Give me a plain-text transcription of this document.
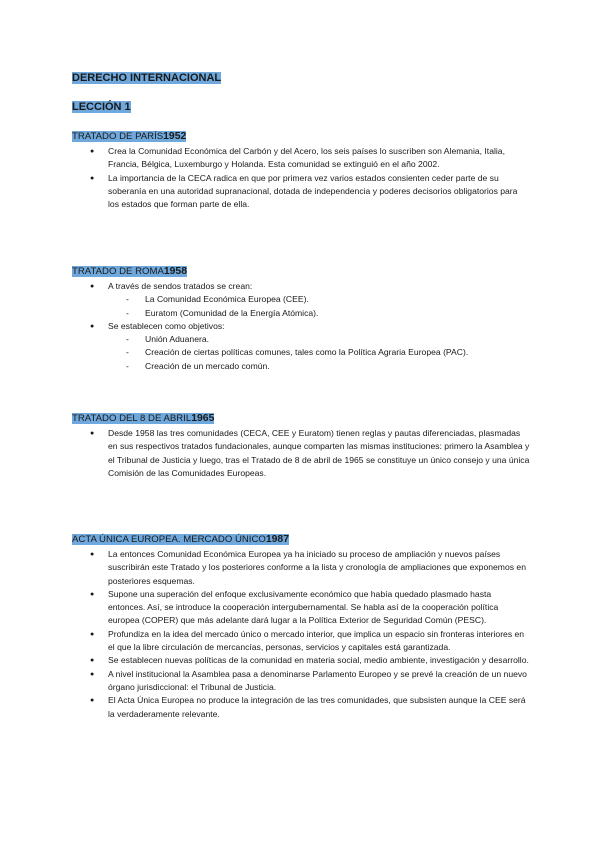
DERECHO INTERNACIONAL
LECCIÓN 1
TRATADO DE PARÍS1952
● Crea la Comunidad Económica del Carbón y del Acero, los seis países lo suscriben son Alemania, Italia, Francia, Bélgica, Luxemburgo y Holanda. Esta comunidad se extinguió en el año 2002.
● La importancia de la CECA radica en que por primera vez varios estados consienten ceder parte de su soberanía en una autoridad supranacional, dotada de independencia y poderes decisorios obligatorios para los estados que forman parte de ella.
TRATADO DE ROMA1958
● A través de sendos tratados se crean:
- La Comunidad Económica Europea (CEE).
- Euratom (Comunidad de la Energía Atómica).
● Se establecen como objetivos:
- Unión Aduanera.
- Creación de ciertas políticas comunes, tales como la Política Agraria Europea (PAC).
- Creación de un mercado común.
TRATADO DEL 8 DE ABRIL1965
● Desde 1958 las tres comunidades (CECA, CEE y Euratom) tienen reglas y pautas diferenciadas, plasmadas en sus respectivos tratados fundacionales, aunque comparten las mismas instituciones: primero la Asamblea y el Tribunal de Justicia y luego, tras el Tratado de 8 de abril de 1965 se constituye un único consejo y una única Comisión de las Comunidades Europeas.
ACTA ÚNICA EUROPEA. MERCADO ÚNICO1987
● La entonces Comunidad Económica Europea ya ha iniciado su proceso de ampliación y nuevos países suscribirán este Tratado y los posteriores conforme a la lista y cronología de ampliaciones que exponemos en posteriores esquemas.
● Supone una superación del enfoque exclusivamente económico que había quedado plasmado hasta entonces. Así, se introduce la cooperación intergubernamental. Se habla así de la cooperación política europea (COPER) que más adelante dará lugar a la Política Exterior de Seguridad Común (PESC).
● Profundiza en la idea del mercado único o mercado interior, que implica un espacio sin fronteras interiores en el que la libre circulación de mercancías, personas, servicios y capitales está garantizada.
● Se establecen nuevas políticas de la comunidad en materia social, medio ambiente, investigación y desarrollo.
● A nivel institucional la Asamblea pasa a denominarse Parlamento Europeo y se prevé la creación de un nuevo órgano jurisdiccional: el Tribunal de Justicia.
● El Acta Única Europea no produce la integración de las tres comunidades, que subsisten aunque la CEE será la verdaderamente relevante.
